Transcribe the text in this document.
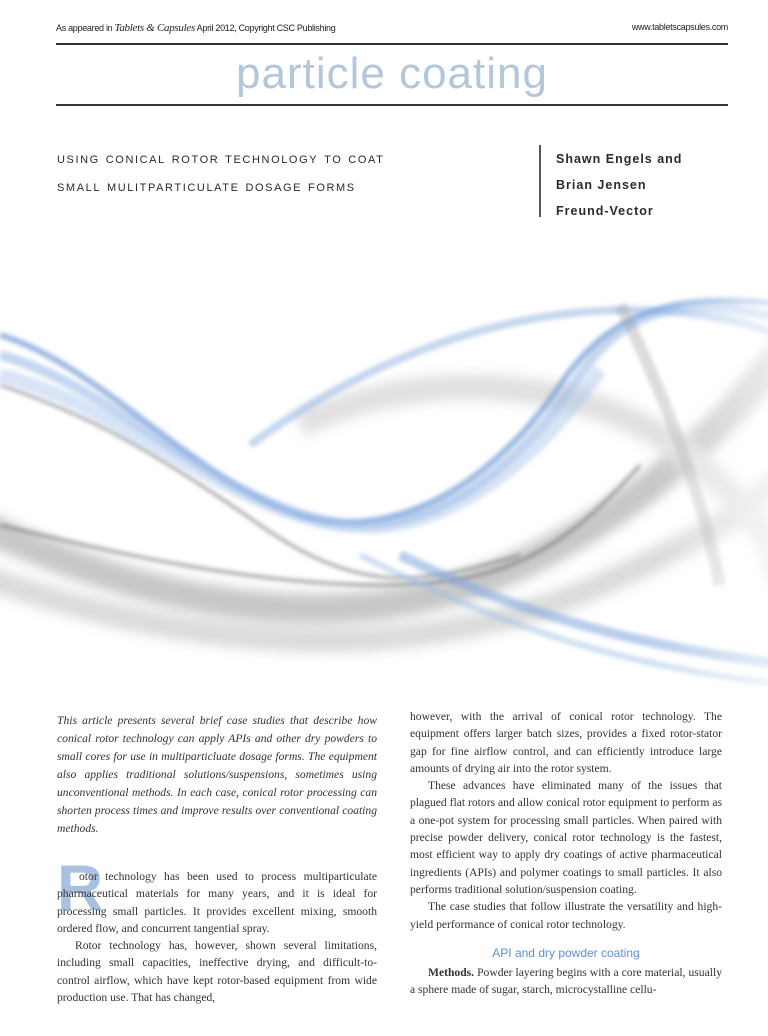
As appeared in Tablets & Capsules April 2012, Copyright CSC Publishing	www.tabletscapsules.com
particle coating
using conical rotor technology to coat
small mulitparticulate dosage forms
Shawn Engels and
Brian Jensen
Freund-Vector

This article presents several brief case studies that describe how conical rotor technology can apply APIs and other dry powders to small cores for use in multiparticluate dosage forms. The equipment also applies traditional solutions/suspensions, sometimes using unconventional methods. In each case, conical rotor processing can shorten process times and improve results over conventional coating methods.

R

otor technology has been used to process multiparticulate pharmaceutical materials for many years, and it is ideal for processing small particles. It provides excellent mixing, smooth ordered flow, and concurrent tangential spray.

Rotor technology has, however, shown several limitations, including small capacities, ineffective drying, and difficult-to-control airflow, which have kept rotor-based equipment from wide production use. That has changed,

however, with the arrival of conical rotor technology. The equipment offers larger batch sizes, provides a fixed rotor-stator gap for fine airflow control, and can efficiently introduce large amounts of drying air into the rotor system.

These advances have eliminated many of the issues that plagued flat rotors and allow conical rotor equipment to perform as a one-pot system for processing small particles. When paired with precise powder delivery, conical rotor technology is the fastest, most efficient way to apply dry coatings of active pharmaceutical ingredients (APIs) and polymer coatings to small particles. It also performs traditional solution/suspension coating.

The case studies that follow illustrate the versatility and high-yield performance of conical rotor technology.

API and dry powder coating

Methods. Powder layering begins with a core material, usually a sphere made of sugar, starch, microcystalline cellu-
